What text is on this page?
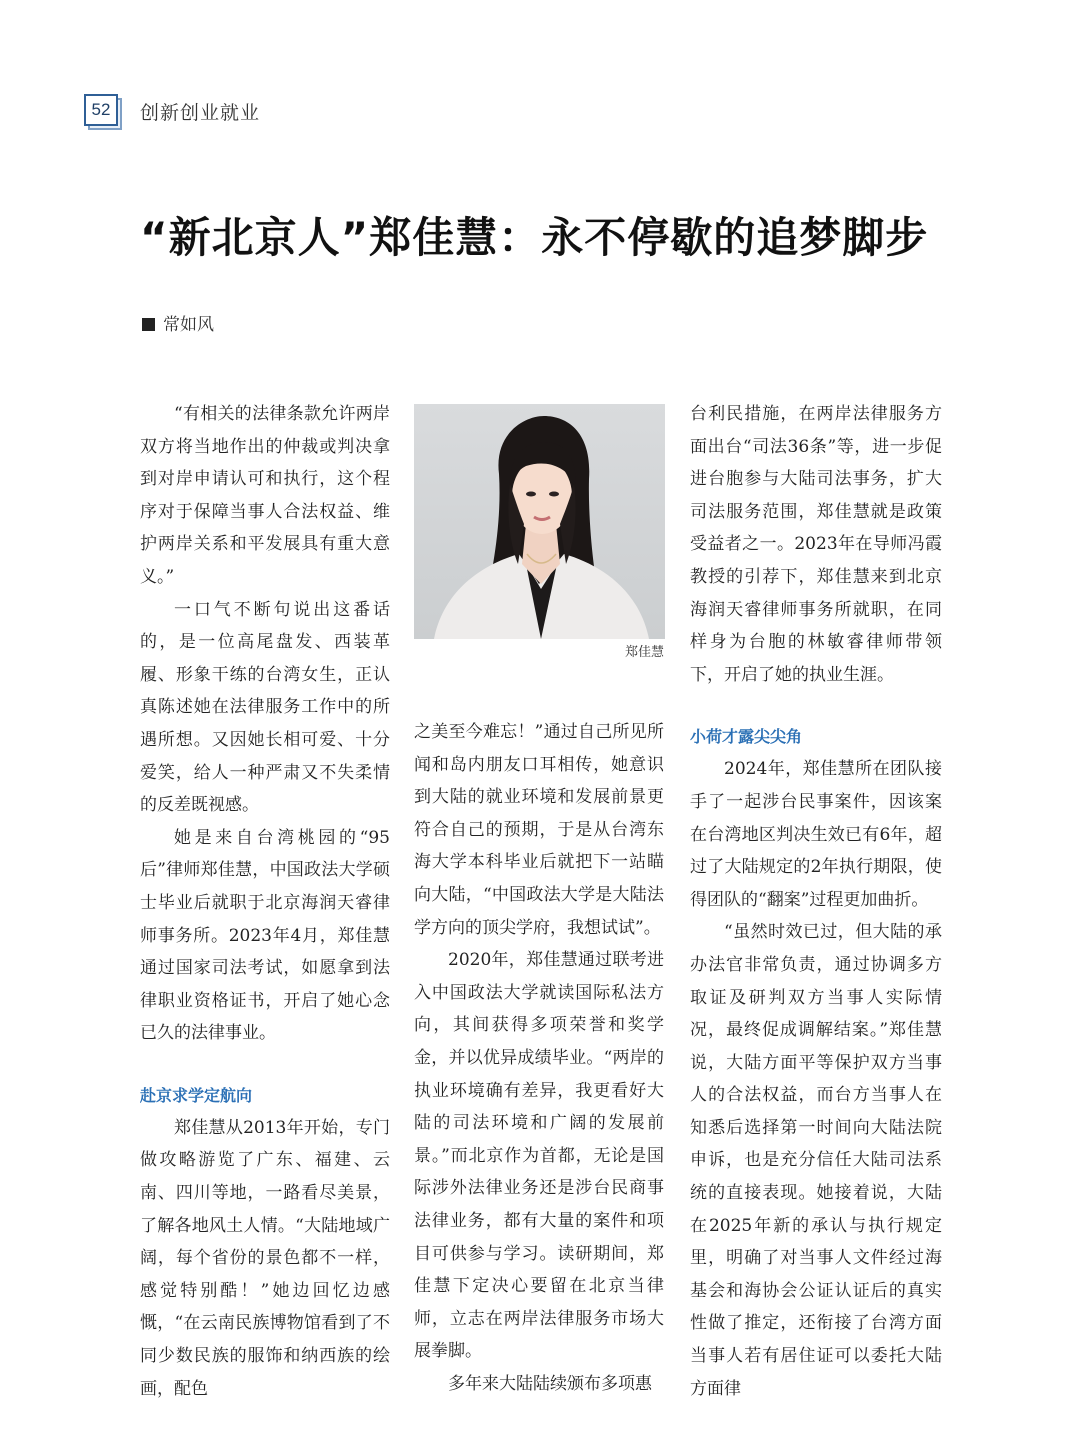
52	创新创业就业
“新北京人”郑佳慧：永不停歇的追梦脚步
常如风

“有相关的法律条款允许两岸双方将当地作出的仲裁或判决拿到对岸申请认可和执行，这个程序对于保障当事人合法权益、维护两岸关系和平发展具有重大意义。”

一口气不断句说出这番话的，是一位高尾盘发、西装革履、形象干练的台湾女生，正认真陈述她在法律服务工作中的所遇所想。又因她长相可爱、十分爱笑，给人一种严肃又不失柔情的反差既视感。

她是来自台湾桃园的“95后”律师郑佳慧，中国政法大学硕士毕业后就职于北京海润天睿律师事务所。2023年4月，郑佳慧通过国家司法考试，如愿拿到法律职业资格证书，开启了她心念已久的法律事业。

赴京求学定航向

郑佳慧从2013年开始，专门做攻略游览了广东、福建、云南、四川等地，一路看尽美景，了解各地风土人情。“大陆地域广阔，每个省份的景色都不一样，感觉特别酷！”她边回忆边感慨，“在云南民族博物馆看到了不同少数民族的服饰和纳西族的绘画，配色

郑佳慧

之美至今难忘！”通过自己所见所闻和岛内朋友口耳相传，她意识到大陆的就业环境和发展前景更符合自己的预期，于是从台湾东海大学本科毕业后就把下一站瞄向大陆，“中国政法大学是大陆法学方向的顶尖学府，我想试试”。

2020年，郑佳慧通过联考进入中国政法大学就读国际私法方向，其间获得多项荣誉和奖学金，并以优异成绩毕业。“两岸的执业环境确有差异，我更看好大陆的司法环境和广阔的发展前景。”而北京作为首都，无论是国际涉外法律业务还是涉台民商事法律业务，都有大量的案件和项目可供参与学习。读研期间，郑佳慧下定决心要留在北京当律师，立志在两岸法律服务市场大展拳脚。

多年来大陆陆续颁布多项惠

台利民措施，在两岸法律服务方面出台“司法36条”等，进一步促进台胞参与大陆司法事务，扩大司法服务范围，郑佳慧就是政策受益者之一。2023年在导师冯霞教授的引荐下，郑佳慧来到北京海润天睿律师事务所就职，在同样身为台胞的林敏睿律师带领下，开启了她的执业生涯。

小荷才露尖尖角

2024年，郑佳慧所在团队接手了一起涉台民事案件，因该案在台湾地区判决生效已有6年，超过了大陆规定的2年执行期限，使得团队的“翻案”过程更加曲折。

“虽然时效已过，但大陆的承办法官非常负责，通过协调多方取证及研判双方当事人实际情况，最终促成调解结案。”郑佳慧说，大陆方面平等保护双方当事人的合法权益，而台方当事人在知悉后选择第一时间向大陆法院申诉，也是充分信任大陆司法系统的直接表现。她接着说，大陆在2025年新的承认与执行规定里，明确了对当事人文件经过海基会和海协会公证认证后的真实性做了推定，还衔接了台湾方面当事人若有居住证可以委托大陆方面律
